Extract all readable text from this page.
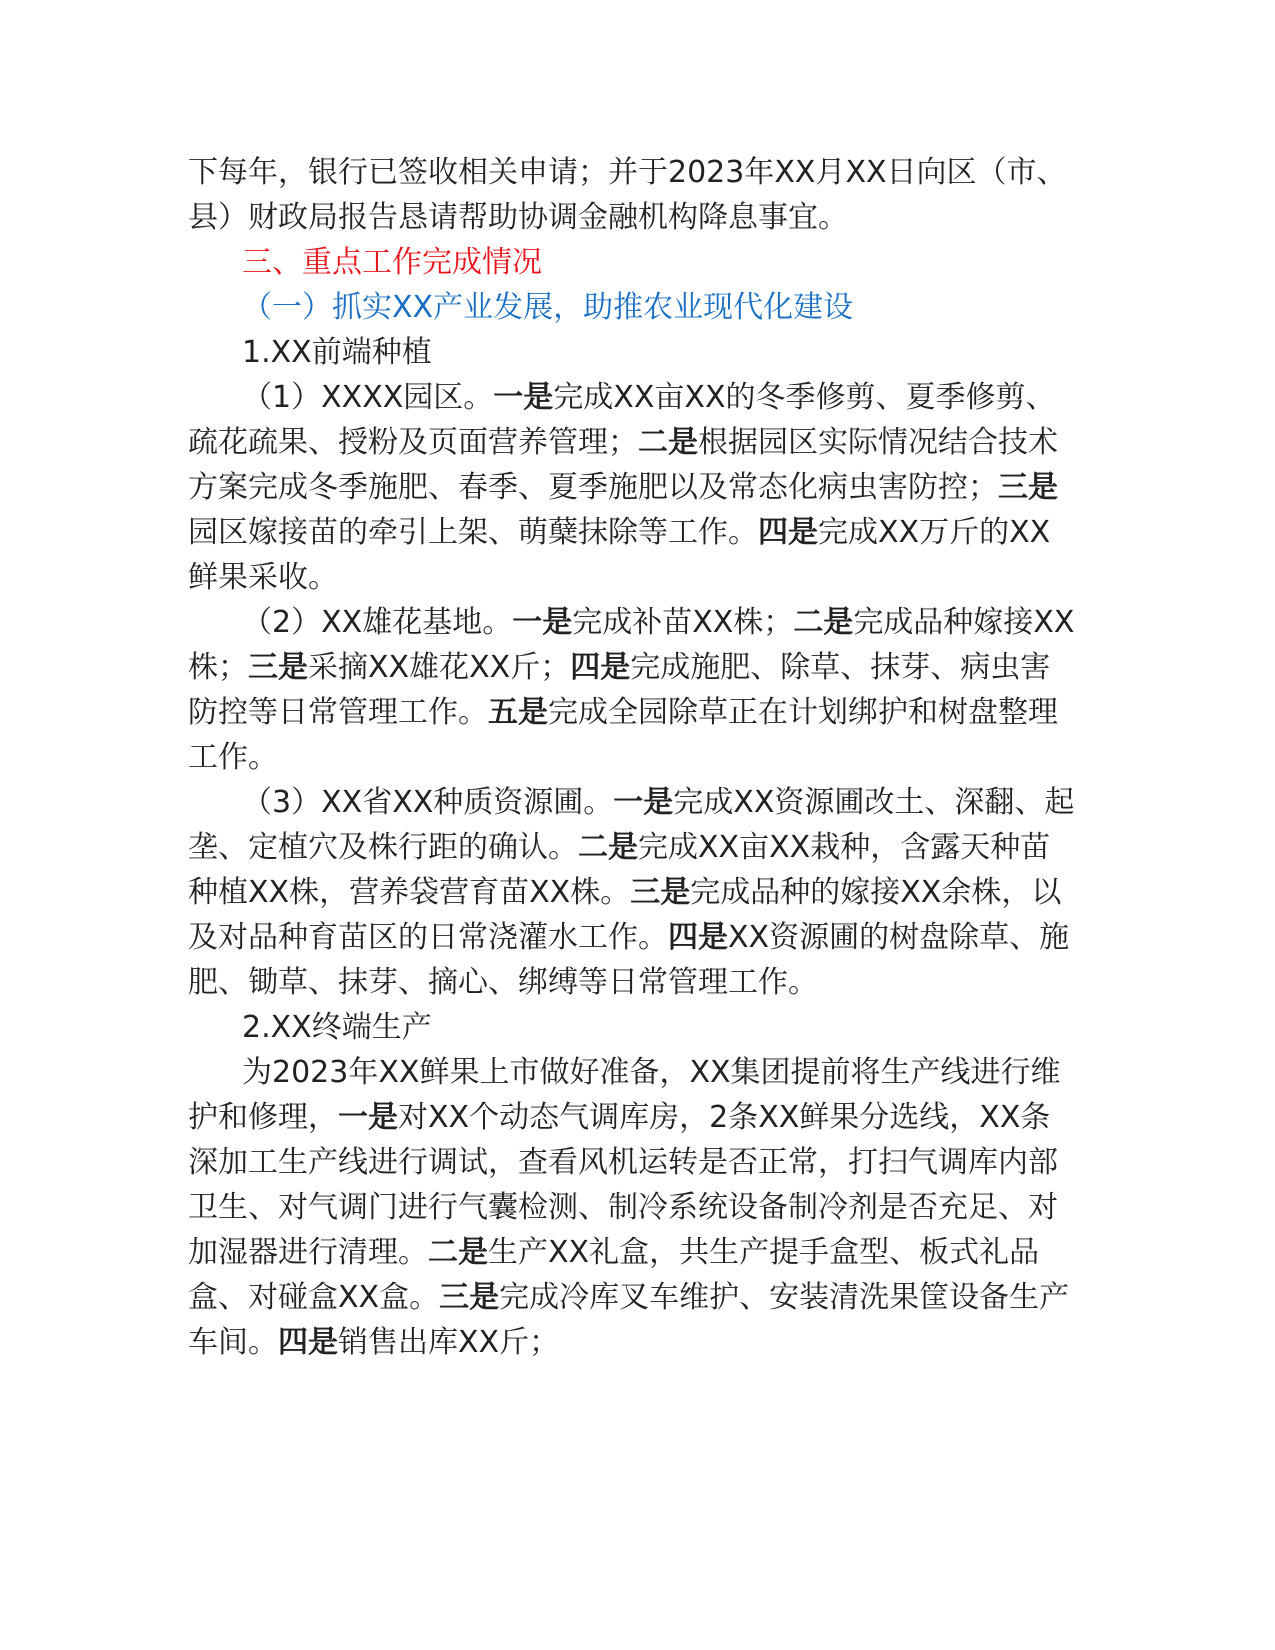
下每年，银行已签收相关申请；并于2023年XX月XX日向区（市、县）财政局报告恳请帮助协调金融机构降息事宜。

三、重点工作完成情况

（一）抓实XX产业发展，助推农业现代化建设

1.XX前端种植

（1）XXXX园区。一是完成XX亩XX的冬季修剪、夏季修剪、疏花疏果、授粉及页面营养管理；二是根据园区实际情况结合技术方案完成冬季施肥、春季、夏季施肥以及常态化病虫害防控；三是园区嫁接苗的牵引上架、萌蘖抹除等工作。四是完成XX万斤的XX鲜果采收。

（2）XX雄花基地。一是完成补苗XX株；二是完成品种嫁接XX株；三是采摘XX雄花XX斤；四是完成施肥、除草、抹芽、病虫害防控等日常管理工作。五是完成全园除草正在计划绑护和树盘整理工作。

（3）XX省XX种质资源圃。一是完成XX资源圃改土、深翻、起垄、定植穴及株行距的确认。二是完成XX亩XX栽种，含露天种苗种植XX株，营养袋营育苗XX株。三是完成品种的嫁接XX余株，以及对品种育苗区的日常浇灌水工作。四是XX资源圃的树盘除草、施肥、锄草、抹芽、摘心、绑缚等日常管理工作。

2.XX终端生产

为2023年XX鲜果上市做好准备，XX集团提前将生产线进行维护和修理，一是对XX个动态气调库房，2条XX鲜果分选线，XX条深加工生产线进行调试，查看风机运转是否正常，打扫气调库内部卫生、对气调门进行气囊检测、制冷系统设备制冷剂是否充足、对加湿器进行清理。二是生产XX礼盒，共生产提手盒型、板式礼品盒、对碰盒XX盒。三是完成冷库叉车维护、安装清洗果筐设备生产车间。四是销售出库XX斤；
